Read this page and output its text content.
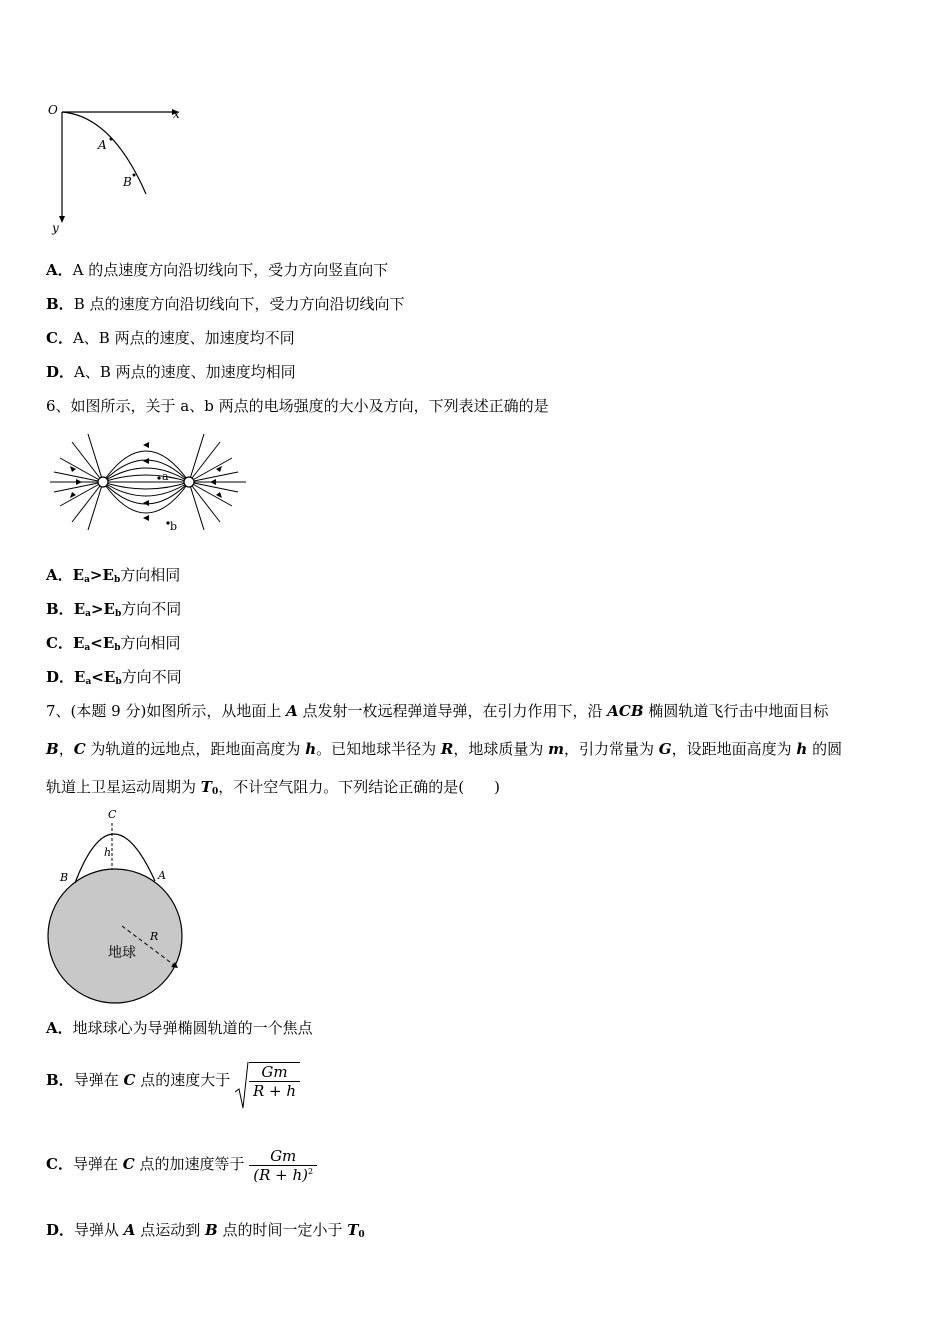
O	x
y
A
B
A．A 的点速度方向沿切线向下，受力方向竖直向下
B．B 点的速度方向沿切线向下，受力方向沿切线向下
C．A、B 两点的速度、加速度均不同
D．A、B 两点的速度、加速度均相同
6、如图所示，关于 a、b 两点的电场强度的大小及方向，下列表述正确的是
a
b
A．$E_a>E_b$方向相同
B．$E_a>E_b$方向不同
C．$E_a<E_b$方向相同
D．$E_a<E_b$方向不同
7、(本题 9 分)如图所示，从地面上 A 点发射一枚远程弹道导弹，在引力作用下，沿 ACB 椭圆轨道飞行击中地面目标
B，C 为轨道的远地点，距地面高度为 h。已知地球半径为 R，地球质量为 m，引力常量为 G，设距地面高度为 h 的圆
轨道上卫星运动周期为 $T_0$，不计空气阻力。下列结论正确的是(　　)
C
h
B	A
R
地球
A．地球球心为导弹椭圆轨道的一个焦点
B．导弹在 C 点的速度大于 $\frac{Gm}{R + h}$
C．导弹在 C 点的加速度等于 $\frac{Gm}{(R + h)^2}$
D．导弹从 A 点运动到 B 点的时间一定小于 $T_0$
